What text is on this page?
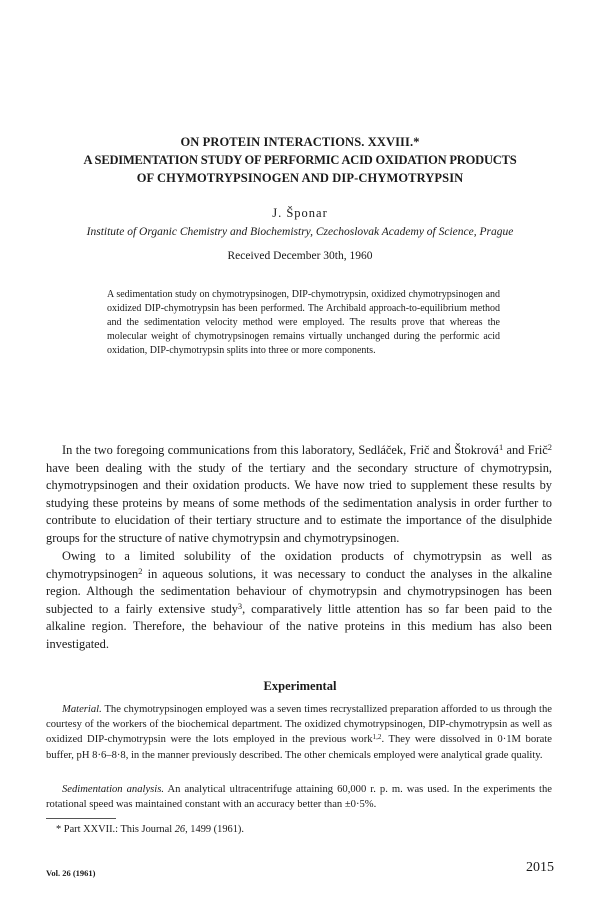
ON PROTEIN INTERACTIONS. XXVIII.*
A SEDIMENTATION STUDY OF PERFORMIC ACID OXIDATION PRODUCTS
OF CHYMOTRYPSINOGEN AND DIP-CHYMOTRYPSIN

J. Šponar

Institute of Organic Chemistry and Biochemistry, Czechoslovak Academy of Science, Prague

Received December 30th, 1960

A sedimentation study on chymotrypsinogen, DIP-chymotrypsin, oxidized chymotrypsinogen and oxidized DIP-chymotrypsin has been performed. The Archibald approach-to-equilibrium method and the sedimentation velocity method were employed. The results prove that whereas the molecular weight of chymotrypsinogen remains virtually unchanged during the performic acid oxidation, DIP-chymotrypsin splits into three or more components.

In the two foregoing communications from this laboratory, Sedláček, Frič and Štokrová$^1$ and Frič$^2$ have been dealing with the study of the tertiary and the secondary structure of chymotrypsin, chymotrypsinogen and their oxidation products. We have now tried to supplement these results by studying these proteins by means of some methods of the sedimentation analysis in order further to contribute to elucidation of their tertiary structure and to estimate the importance of the disulphide groups for the structure of native chymotrypsin and chymotrypsinogen.

Owing to a limited solubility of the oxidation products of chymotrypsin as well as chymotrypsinogen$^2$ in aqueous solutions, it was necessary to conduct the analyses in the alkaline region. Although the sedimentation behaviour of chymotrypsin and chymotrypsinogen has been subjected to a fairly extensive study$^3$, comparatively little attention has so far been paid to the alkaline region. Therefore, the behaviour of the native proteins in this medium has also been investigated.

Experimental

Material. The chymotrypsinogen employed was a seven times recrystallized preparation afforded to us through the courtesy of the workers of the biochemical department. The oxidized chymotrypsinogen, DIP-chymotrypsin as well as oxidized DIP-chymotrypsin were the lots employed in the previous work$^{1,2}$. They were dissolved in 0·1M borate buffer, pH 8·6–8·8, in the manner previously described. The other chemicals employed were analytical grade quality.

Sedimentation analysis. An analytical ultracentrifuge attaining 60,000 r. p. m. was used. In the experiments the rotational speed was maintained constant with an accuracy better than ±0·5%.

* Part XXVII.: This Journal 26, 1499 (1961).

Vol. 26 (1961)	2015
